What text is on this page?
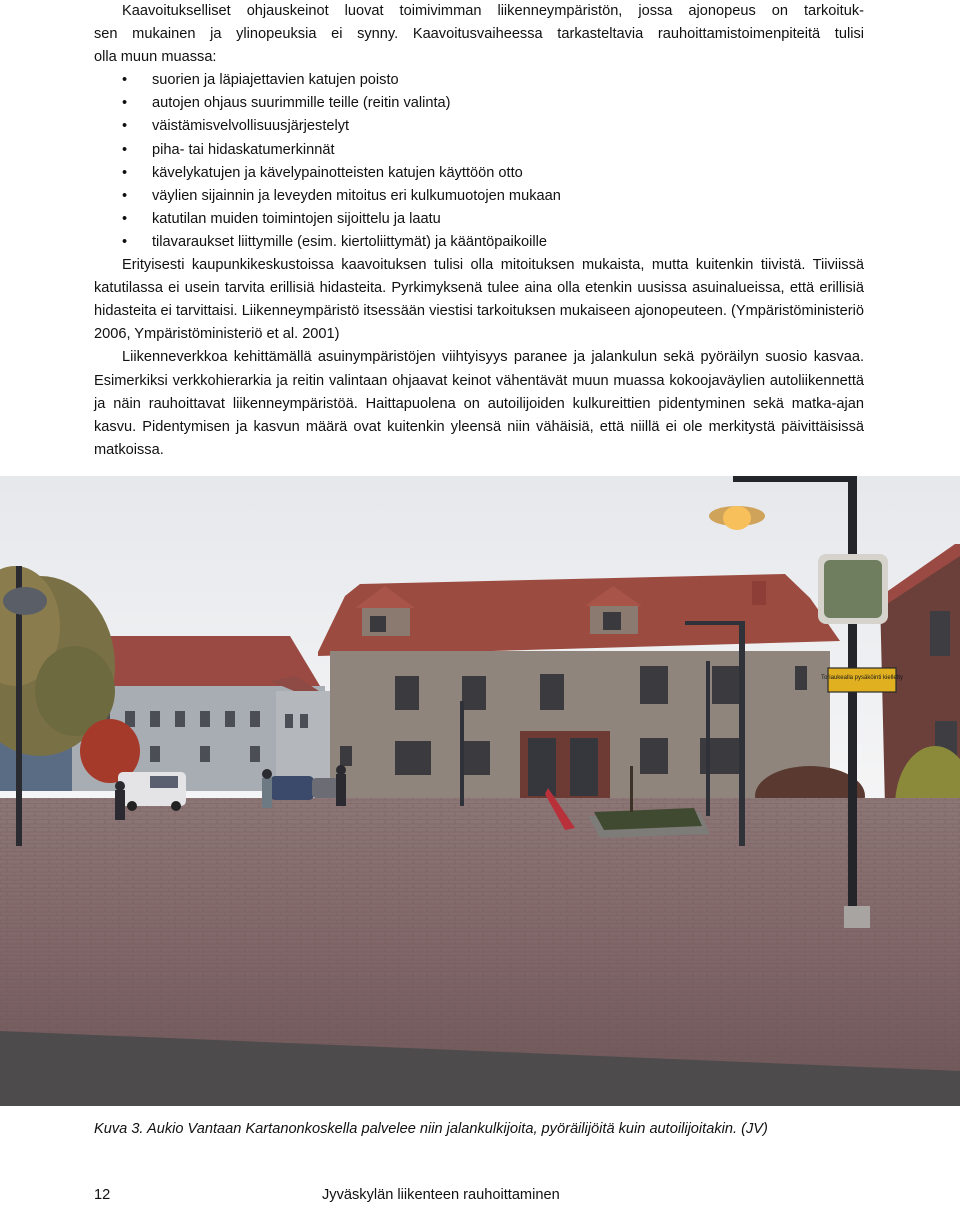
Kaavoitukselliset ohjauskeinot luovat toimivimman liikenneympäristön, jossa ajonopeus on tarkoituk-
sen mukainen ja ylinopeuksia ei synny. Kaavoitusvaiheessa tarkasteltavia rauhoittamistoimenpiteitä tulisi
olla muun muassa:

• suorien ja läpiajettavien katujen poisto
• autojen ohjaus suurimmille teille (reitin valinta)
• väistämisvelvollisuusjärjestelyt
• piha- tai hidaskatumerkinnät
• kävelykatujen ja kävelypainotteisten katujen käyttöön otto
• väylien sijainnin ja leveyden mitoitus eri kulkumuotojen mukaan
• katutilan muiden toimintojen sijoittelu ja laatu
• tilavaraukset liittymille (esim. kiertoliittymät) ja kääntöpaikoille

Erityisesti kaupunkikeskustoissa kaavoituksen tulisi olla mitoituksen mukaista, mutta kuitenkin tiivistä. Tiiviissä katutilassa ei usein tarvita erillisiä hidasteita. Pyrkimyksenä tulee aina olla etenkin uusissa asuinalueissa, että erillisiä hidasteita ei tarvittaisi. Liikenneympäristö itsessään viestisi tarkoituksen mukaiseen ajonopeuteen. (Ympäristöministeriö 2006, Ympäristöministeriö et al. 2001)

Liikenneverkkoa kehittämällä asuinympäristöjen viihtyisyys paranee ja jalankulun sekä pyöräilyn suosio kasvaa. Esimerkiksi verkkohierarkia ja reitin valintaan ohjaavat keinot vähentävät muun muassa kokoojaväylien autoliikennettä ja näin rauhoittavat liikenneympäristöä. Haittapuolena on autoilijoiden kulkureittien pidentyminen sekä matka-ajan kasvu. Pidentymisen ja kasvun määrä ovat kuitenkin yleensä niin vähäisiä, että niillä ei ole merkitystä päivittäisissä matkoissa.

Toriaukealla pysäköinti kielletty
Kuva 3. Aukio Vantaan Kartanonkoskella palvelee niin jalankulkijoita, pyöräilijöitä kuin autoilijoitakin. (JV)
12	Jyväskylän liikenteen rauhoittaminen
